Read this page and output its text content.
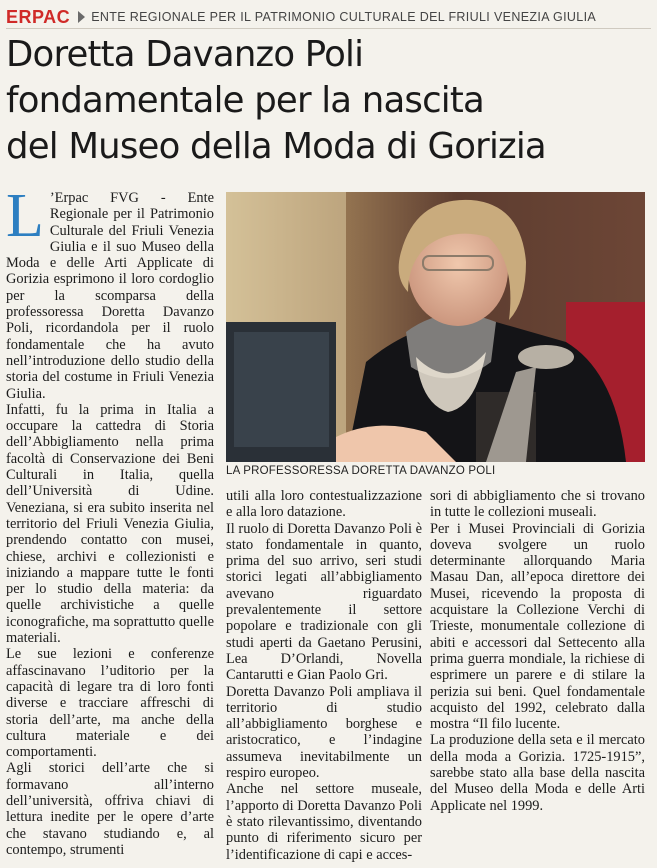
ERPAC ENTE REGIONALE PER IL PATRIMONIO CULTURALE DEL FRIULI VENEZIA GIULIA
Doretta Davanzo Poli
fondamentale per la nascita
del Museo della Moda di Gorizia

L ’Erpac FVG - Ente Regionale per il Patrimonio Culturale del Friuli Venezia Giulia e il suo Museo della Moda e delle Arti Applicate di Gorizia esprimono il loro cordoglio per la scomparsa della professoressa Doretta Davanzo Poli, ricordandola per il ruolo fondamentale che ha avuto nell’introduzione dello studio della storia del costume in Friuli Venezia Giulia.

Infatti, fu la prima in Italia a occupare la cattedra di Storia dell’Abbigliamento nella prima facoltà di Conservazione dei Beni Culturali in Italia, quella dell’Università di Udine. Veneziana, si era subito inserita nel territorio del Friuli Venezia Giulia, prendendo contatto con musei, chiese, archivi e collezionisti e iniziando a mappare tutte le fonti per lo studio della materia: da quelle archivistiche a quelle iconografiche, ma soprattutto quelle materiali.

Le sue lezioni e conferenze affascinavano l’uditorio per la capacità di legare tra di loro fonti diverse e tracciare affreschi di storia dell’arte, ma anche della cultura materiale e dei comportamenti.

Agli storici dell’arte che si formavano all’interno dell’università, offriva chiavi di lettura inedite per le opere d’arte che stavano studiando e, al contempo, strumenti

LA PROFESSORESSA DORETTA DAVANZO POLI

utili alla loro contestualizzazione e alla loro datazione.

Il ruolo di Doretta Davanzo Poli è stato fondamentale in quanto, prima del suo arrivo, seri studi storici legati all’abbigliamento avevano riguardato prevalentemente il settore popolare e tradizionale con gli studi aperti da Gaetano Perusini, Lea D’Orlandi, Novella Cantarutti e Gian Paolo Gri.

Doretta Davanzo Poli ampliava il territorio di studio all’abbigliamento borghese e aristocratico, e l’indagine assumeva inevitabilmente un respiro europeo.

Anche nel settore museale, l’apporto di Doretta Davanzo Poli è stato rilevantissimo, diventando punto di riferimento sicuro per l’identificazione di capi e acces-

sori di abbigliamento che si trovano in tutte le collezioni museali.

Per i Musei Provinciali di Gorizia doveva svolgere un ruolo determinante allorquando Maria Masau Dan, all’epoca direttore dei Musei, ricevendo la proposta di acquistare la Collezione Verchi di Trieste, monumentale collezione di abiti e accessori dal Settecento alla prima guerra mondiale, la richiese di esprimere un parere e di stilare la perizia sui beni. Quel fondamentale acquisto del 1992, celebrato dalla mostra “Il filo lucente.

La produzione della seta e il mercato della moda a Gorizia. 1725-1915”, sarebbe stato alla base della nascita del Museo della Moda e delle Arti Applicate nel 1999.
